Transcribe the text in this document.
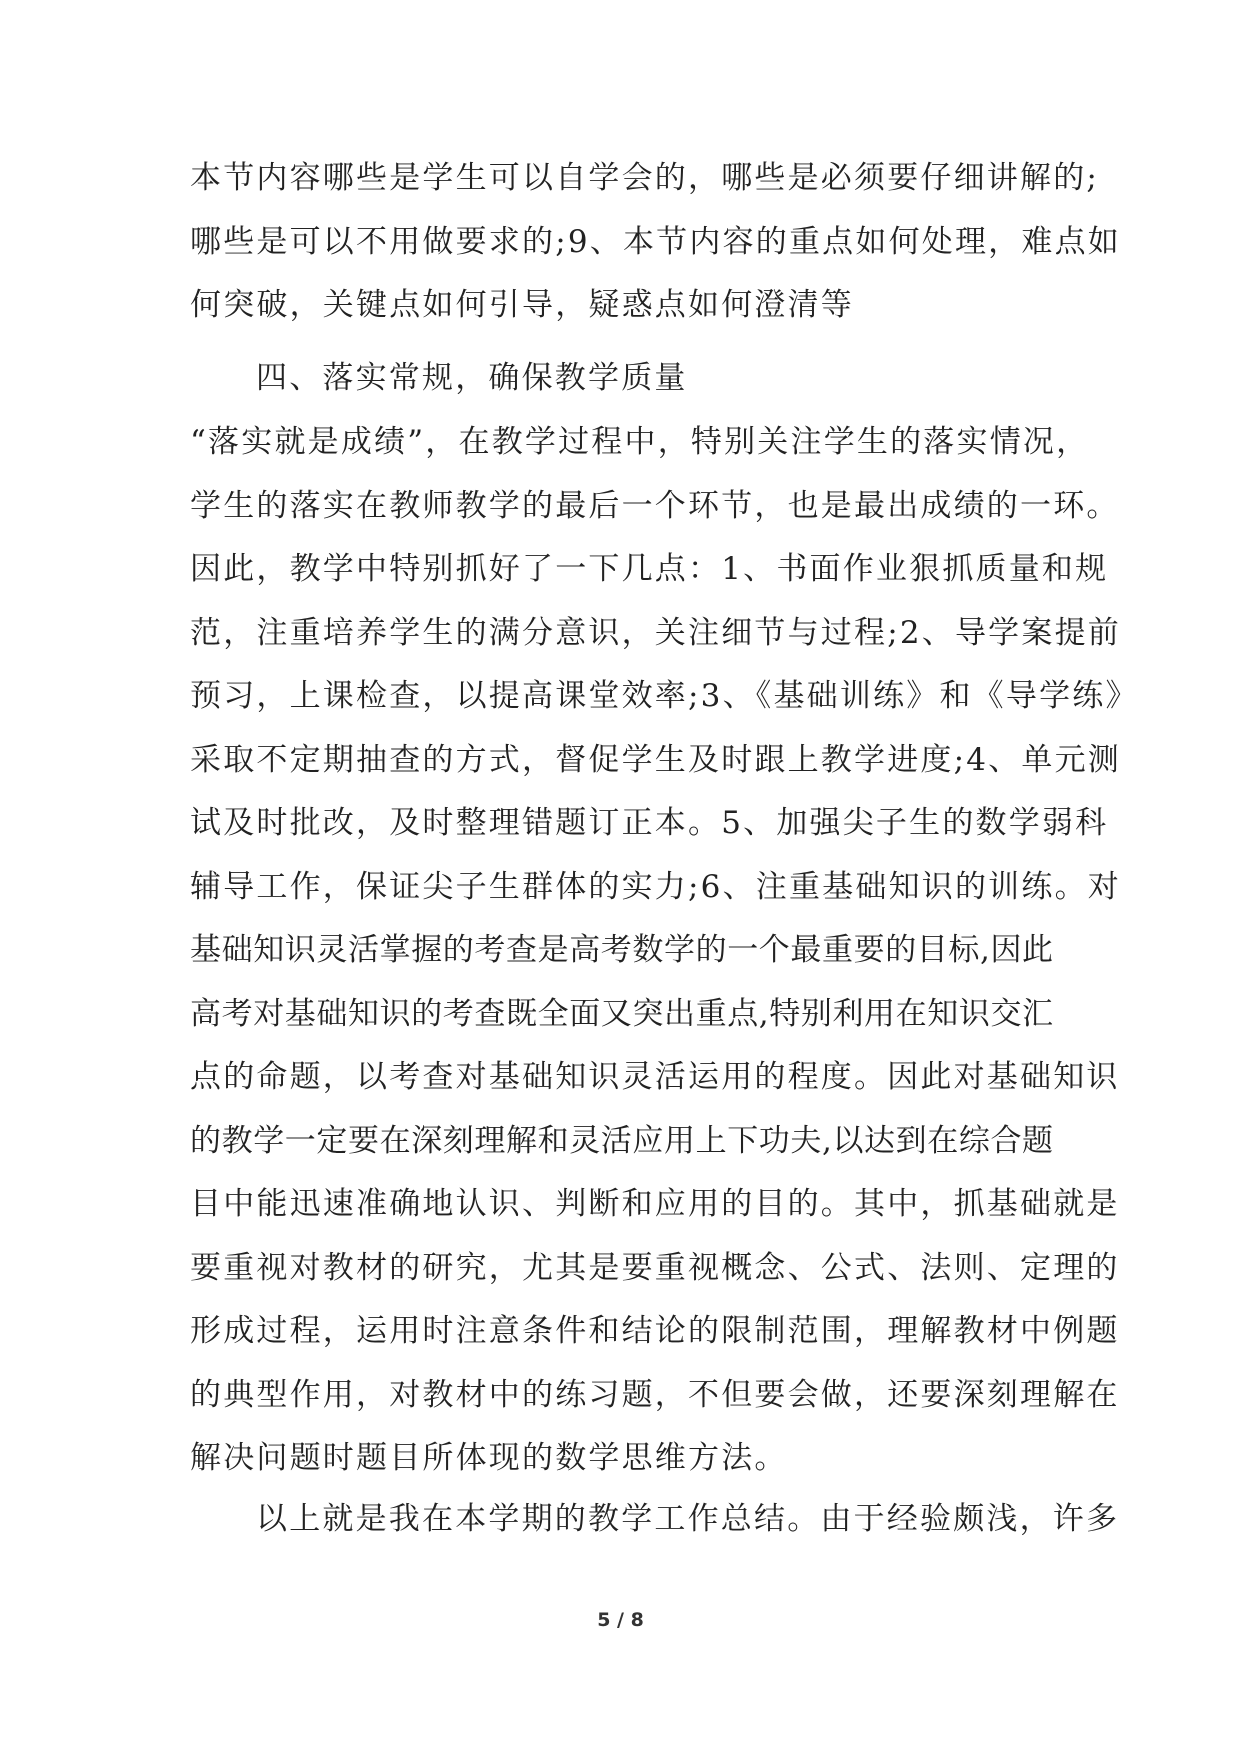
本节内容哪些是学生可以自学会的，哪些是必须要仔细讲解的;
哪些是可以不用做要求的;9、本节内容的重点如何处理，难点如
何突破，关键点如何引导，疑惑点如何澄清等
四、落实常规，确保教学质量
“落实就是成绩”，在教学过程中，特别关注学生的落实情况，
学生的落实在教师教学的最后一个环节，也是最出成绩的一环。
因此，教学中特别抓好了一下几点：1、书面作业狠抓质量和规
范，注重培养学生的满分意识，关注细节与过程;2、导学案提前
预习，上课检查，以提高课堂效率;3、《基础训练》和《导学练》
采取不定期抽查的方式，督促学生及时跟上教学进度;4、单元测
试及时批改，及时整理错题订正本。5、加强尖子生的数学弱科
辅导工作，保证尖子生群体的实力;6、注重基础知识的训练。对
基础知识灵活掌握的考查是高考数学的一个最重要的目标,因此
高考对基础知识的考查既全面又突出重点,特别利用在知识交汇
点的命题，以考查对基础知识灵活运用的程度。因此对基础知识
的教学一定要在深刻理解和灵活应用上下功夫,以达到在综合题
目中能迅速准确地认识、判断和应用的目的。其中，抓基础就是
要重视对教材的研究，尤其是要重视概念、公式、法则、定理的
形成过程，运用时注意条件和结论的限制范围，理解教材中例题
的典型作用，对教材中的练习题，不但要会做，还要深刻理解在
解决问题时题目所体现的数学思维方法。
以上就是我在本学期的教学工作总结。由于经验颇浅，许多
5 / 8
